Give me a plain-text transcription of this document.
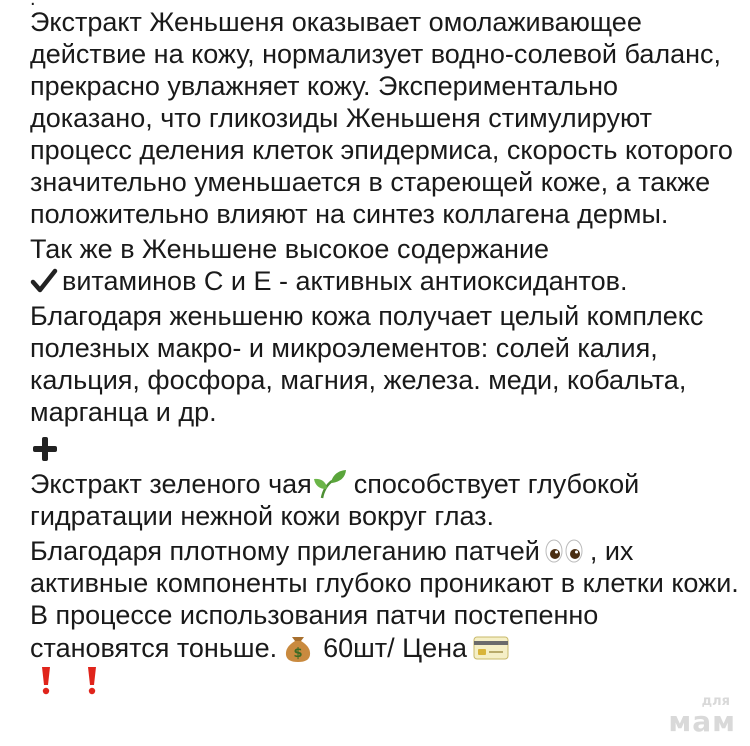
Экстракт Женьшеня оказывает омолаживающее действие на кожу, нормализует водно-солевой баланс, прекрасно увлажняет кожу. Экспериментально доказано, что гликозиды Женьшеня стимулируют процесс деления клеток эпидермиса, скорость которого значительно уменьшается в стареющей коже, а также положительно влияют на синтез коллагена дермы.

Так же в Женьшене высокое содержание
витаминов C и E - активных антиоксидантов.

Благодаря женьшеню кожа получает целый комплекс полезных макро- и микроэлементов: солей калия, кальция, фосфора, магния, железа. меди, кобальта, марганца и др.

Экстракт зеленого чая способствует глубокой гидратации нежной кожи вокруг глаз.

Благодаря плотному прилеганию патчей , их активные компоненты глубоко проникают в клетки кожи. В процессе использования патчи постепенно становятся тоньше. $ 60шт/ Цена

для
мам
